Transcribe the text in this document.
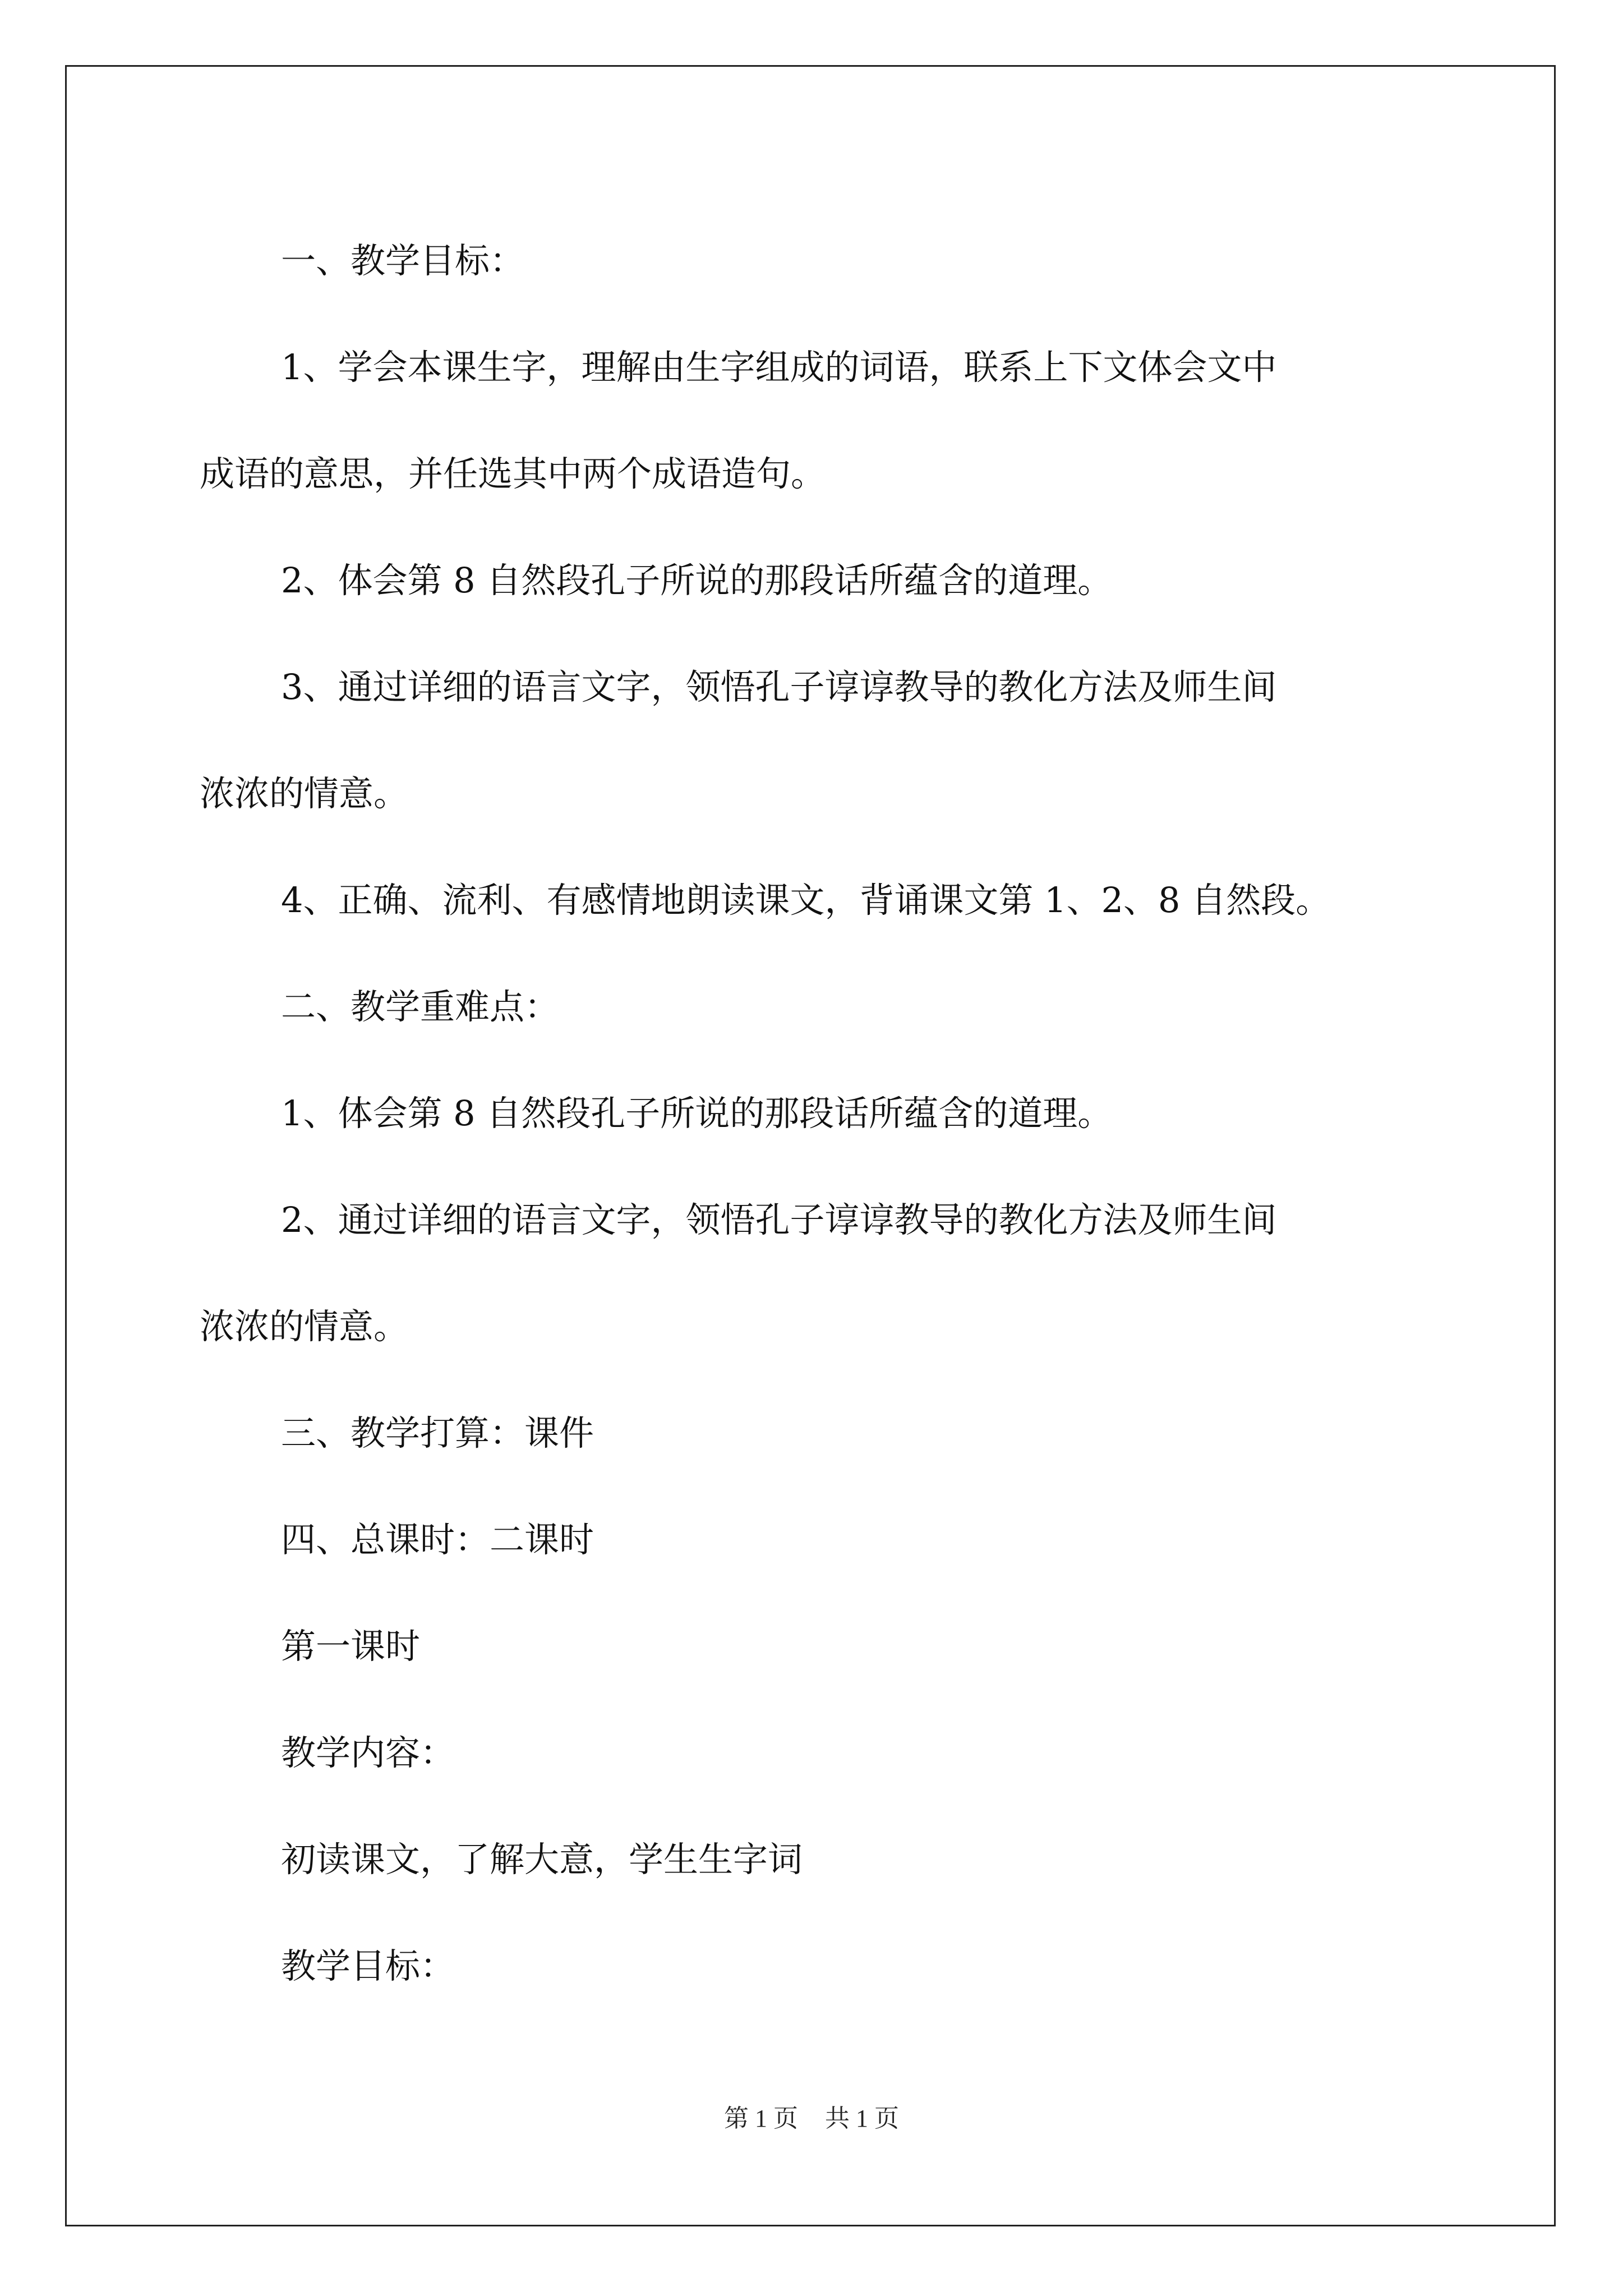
一、教学目标：

1、学会本课生字，理解由生字组成的词语，联系上下文体会文中

成语的意思，并任选其中两个成语造句。

2、体会第 8 自然段孔子所说的那段话所蕴含的道理。

3、通过详细的语言文字，领悟孔子谆谆教导的教化方法及师生间

浓浓的情意。

4、正确、流利、有感情地朗读课文，背诵课文第 1、2、8 自然段。

二、教学重难点：

1、体会第 8 自然段孔子所说的那段话所蕴含的道理。

2、通过详细的语言文字，领悟孔子谆谆教导的教化方法及师生间

浓浓的情意。

三、教学打算：课件

四、总课时：二课时

第一课时

教学内容：

初读课文，了解大意，学生生字词

教学目标：

第 1 页 共 1 页
